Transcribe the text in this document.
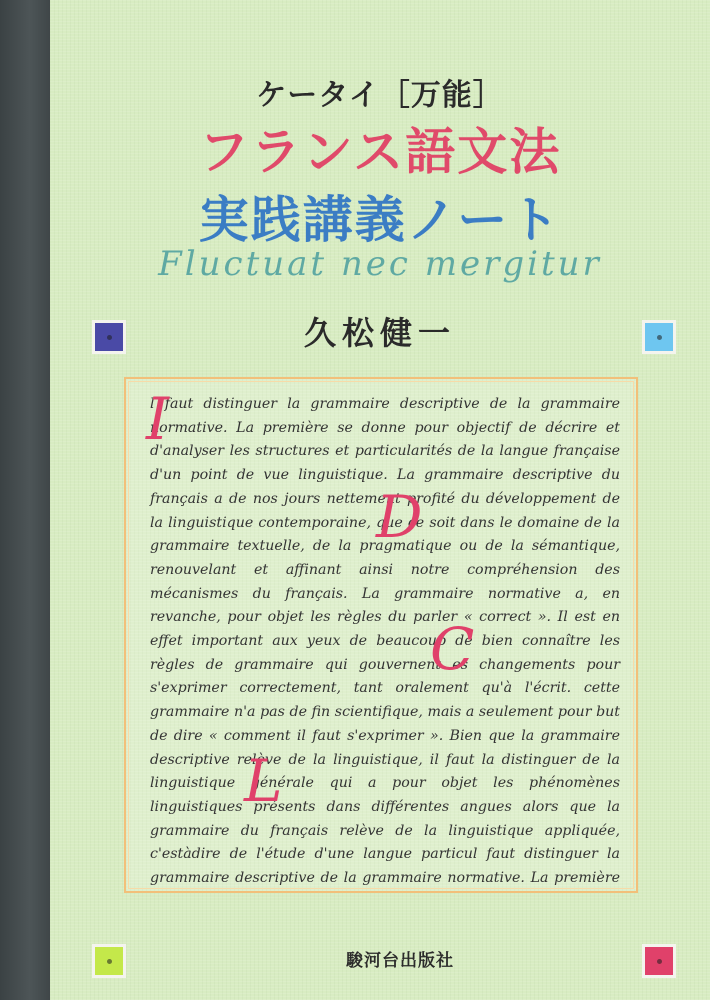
ケータイ［万能］
フランス語文法
実践講義ノート
Fluctuat nec mergitur
久松健一

l faut distinguer la grammaire descriptive de la grammaire normative. La première se donne pour objectif de décrire et d'analyser les structures et particularités de la langue française d'un point de vue linguistique. La grammaire descriptive du français a de nos jours nettement profité du développement de la linguistique contemporaine, que ce soit dans le domaine de la grammaire textuelle, de la pragmatique ou de la sémantique, renouvelant et affinant ainsi notre compréhension des mécanismes du français. La grammaire normative a, en revanche, pour objet les règles du parler « correct ». Il est en effet important aux yeux de beaucoup de bien connaître les règles de grammaire qui gouvernent es changements pour s'exprimer correctement, tant oralement qu'à l'écrit. cette grammaire n'a pas de fin scientifique, mais a seulement pour but de dire « comment il faut s'exprimer ». Bien que la grammaire descriptive relève de la linguistique, il faut la distinguer de la linguistique générale qui a pour objet les phénomènes linguistiques présents dans différentes angues alors que la grammaire du français relève de la linguistique appliquée, c'estàdire de l'étude d'une langue particul faut distinguer la grammaire descriptive de la grammaire normative. La première

I
D
C
L
駿河台出版社
